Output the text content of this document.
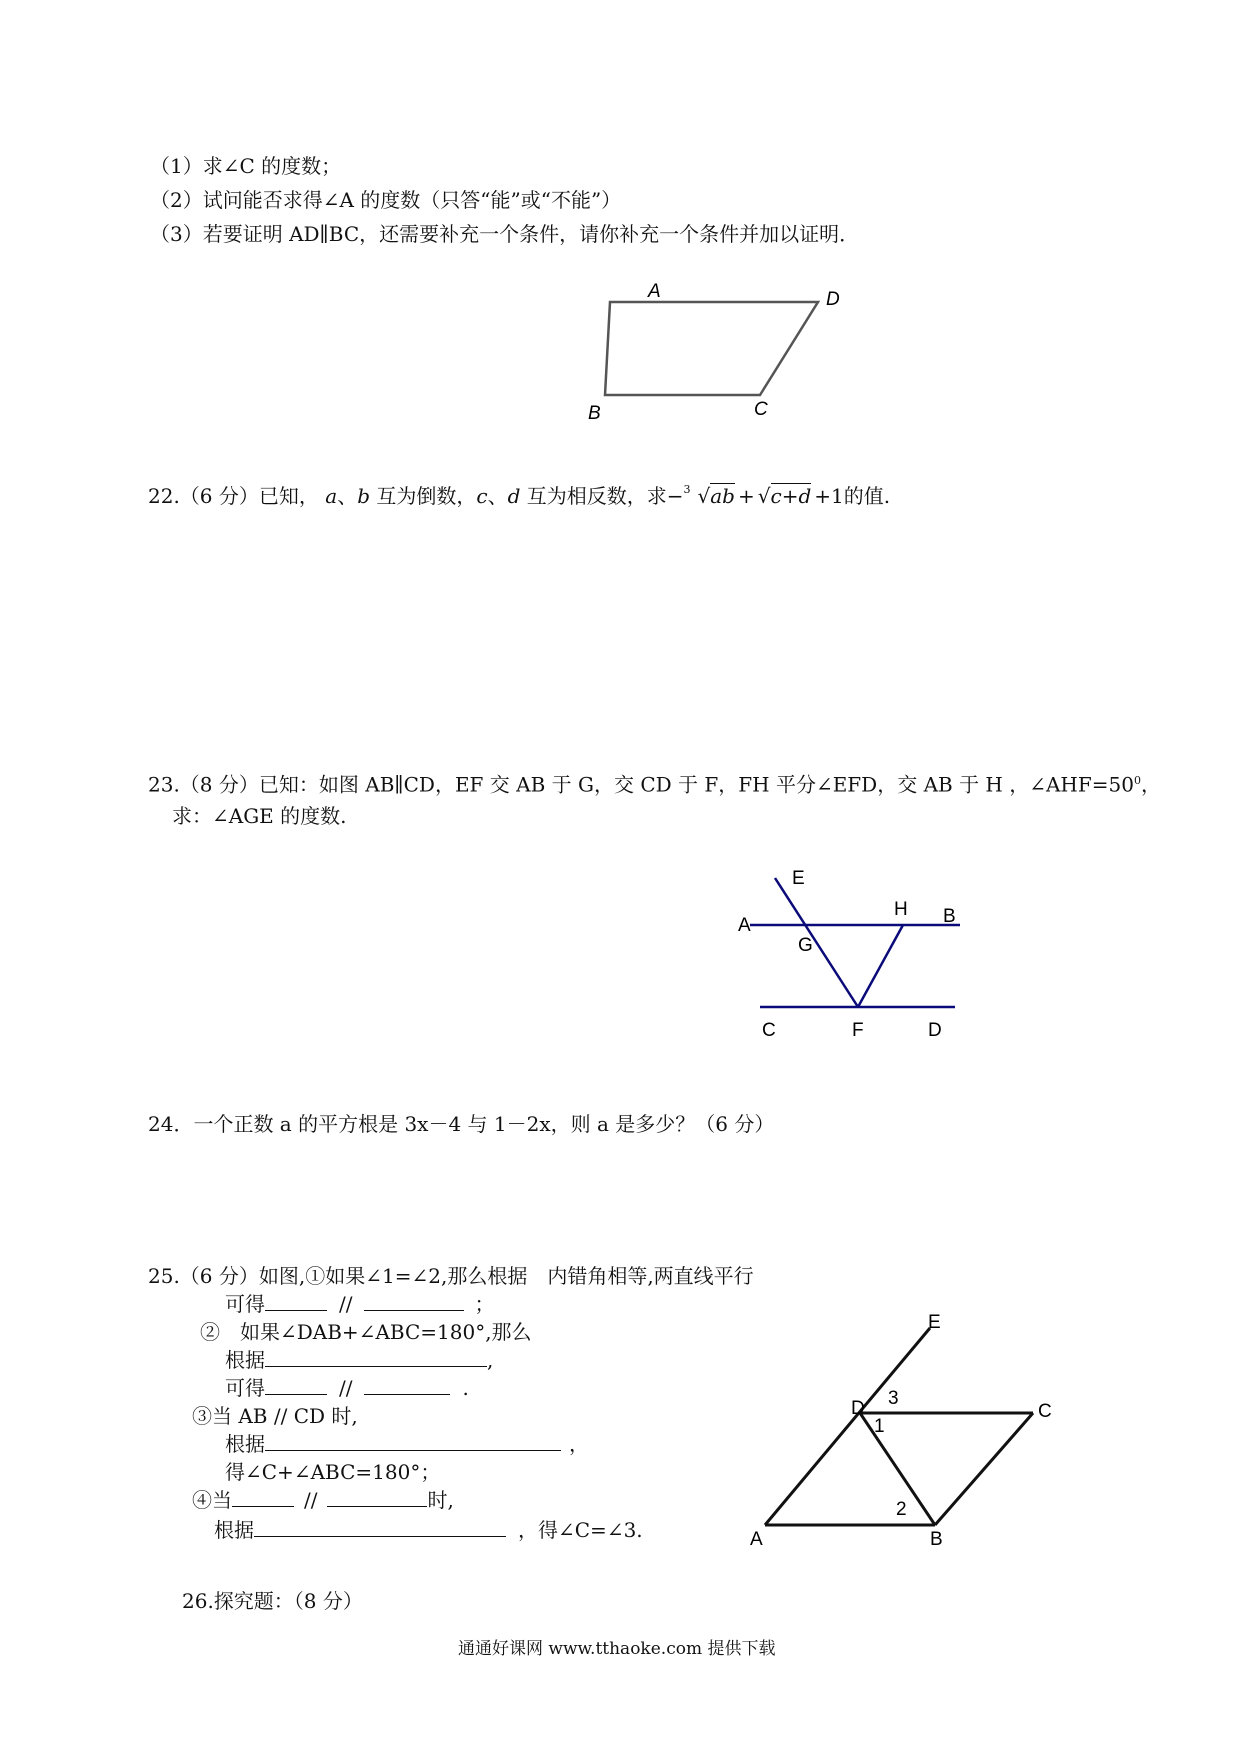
（1）求∠C 的度数；
（2）试问能否求得∠A 的度数（只答“能”或“不能”）
（3）若要证明 AD∥BC，还需要补充一个条件，请你补充一个条件并加以证明．
A	D
B	C
22.（6 分）已知， a、b 互为倒数，c、d 互为相反数，求− 3 √ab + √c+d +1的值.
23.（8 分）已知：如图 AB∥CD，EF 交 AB 于 G，交 CD 于 F，FH 平分∠EFD，交 AB 于 H ，$\angle AHF=50^0$，
求：∠AGE 的度数.
E
A
H B
G
C	F	D
24．一个正数 a 的平方根是 3x－4 与 1－2x，则 a 是多少？（6 分）
25.（6 分）如图,①如果∠1=∠2,那么根据　内错角相等,两直线平行
可得	//	；
②　如果∠DAB+∠ABC=180°,那么
根据	,
可得	//	.
③当 AB // CD 时,
根据	，
得∠C+∠ABC=180°；
④当	//	时,
根据	，得∠C=∠3.
E
D 3
C
1
2
A	B
26.探究题：（8 分）
通通好课网 www.tthaoke.com 提供下载
